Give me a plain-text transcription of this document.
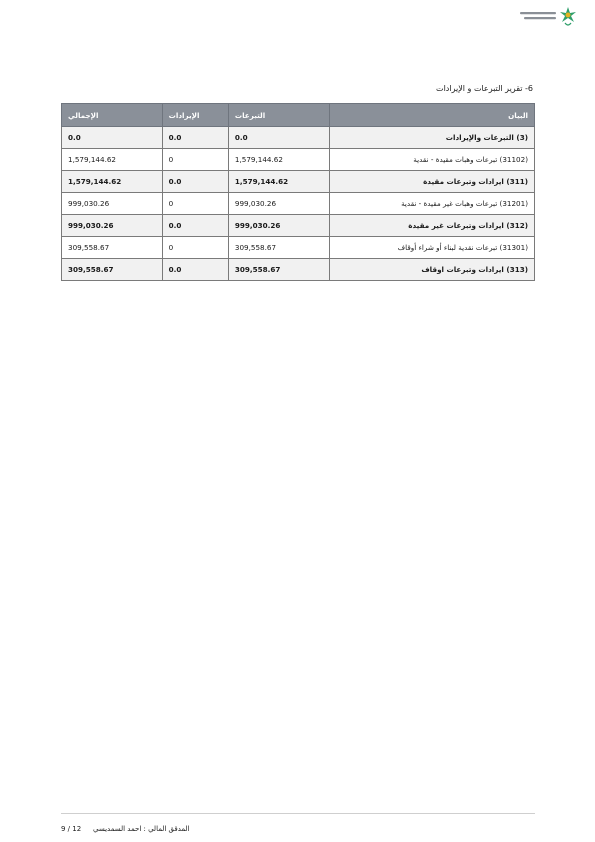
6- تقرير التبرعات و الإيرادات
البيان	التبرعات	الإيرادات	الإجمالي
(3) التبرعات والإيرادات	0.0	0.0	0.0
(31102) تبرعات وهبات مقيدة - نقدية	1,579,144.62	0	1,579,144.62
(311) ايرادات وتبرعات مقيدة	1,579,144.62	0.0	1,579,144.62
(31201) تبرعات وهبات غير مقيدة - نقدية	999,030.26	0	999,030.26
(312) ايرادات وتبرعات غير مقيدة	999,030.26	0.0	999,030.26
(31301) تبرعات نقدية لبناء أو شراء أوقاف	309,558.67	0	309,558.67
(313) ايرادات وتبرعات اوقاف	309,558.67	0.0	309,558.67
9 / 12 المدقق المالي : احمد السمديسي
